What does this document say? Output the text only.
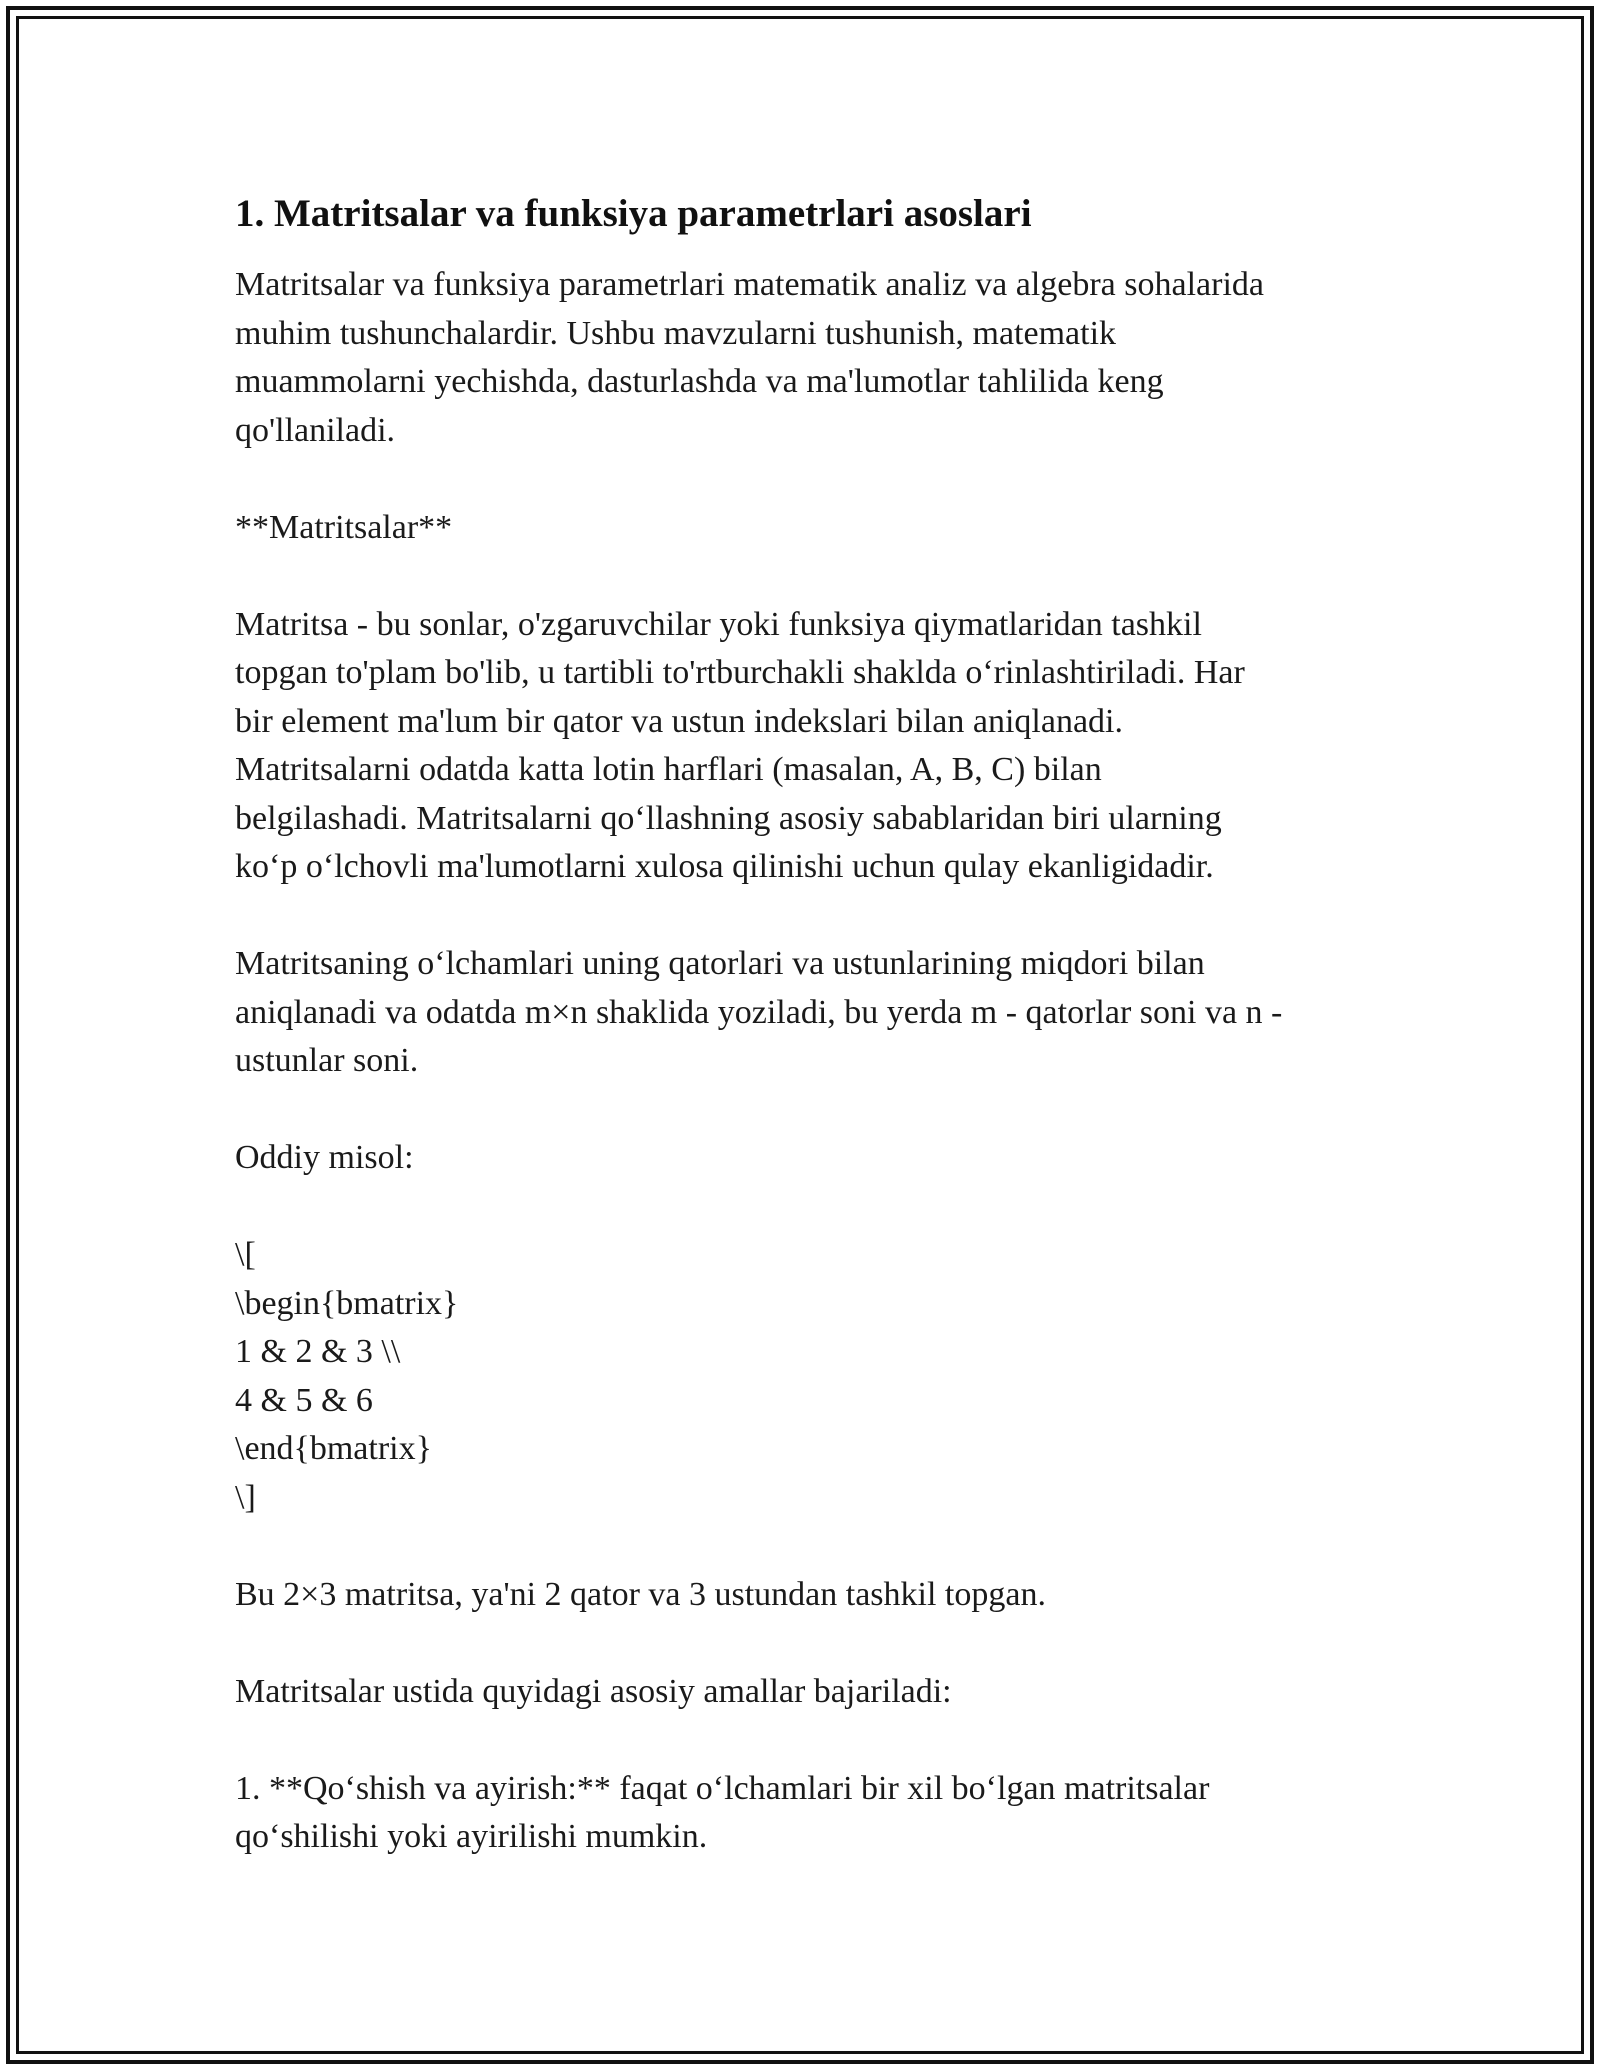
1. Matritsalar va funksiya parametrlari asoslari

Matritsalar va funksiya parametrlari matematik analiz va algebra sohalarida
muhim tushunchalardir. Ushbu mavzularni tushunish, matematik
muammolarni yechishda, dasturlashda va ma'lumotlar tahlilida keng
qo'llaniladi.

**Matritsalar**

Matritsa - bu sonlar, o'zgaruvchilar yoki funksiya qiymatlaridan tashkil
topgan to'plam bo'lib, u tartibli to'rtburchakli shaklda o‘rinlashtiriladi. Har
bir element ma'lum bir qator va ustun indekslari bilan aniqlanadi.
Matritsalarni odatda katta lotin harflari (masalan, A, B, C) bilan
belgilashadi. Matritsalarni qo‘llashning asosiy sabablaridan biri ularning
ko‘p o‘lchovli ma'lumotlarni xulosa qilinishi uchun qulay ekanligidadir.

Matritsaning o‘lchamlari uning qatorlari va ustunlarining miqdori bilan
aniqlanadi va odatda m×n shaklida yoziladi, bu yerda m - qatorlar soni va n -
ustunlar soni.

Oddiy misol:

\[
\begin{bmatrix}
1 & 2 & 3 \\
4 & 5 & 6
\end{bmatrix}
\]

Bu 2×3 matritsa, ya'ni 2 qator va 3 ustundan tashkil topgan.

Matritsalar ustida quyidagi asosiy amallar bajariladi:

1. **Qo‘shish va ayirish:** faqat o‘lchamlari bir xil bo‘lgan matritsalar
qo‘shilishi yoki ayirilishi mumkin.
